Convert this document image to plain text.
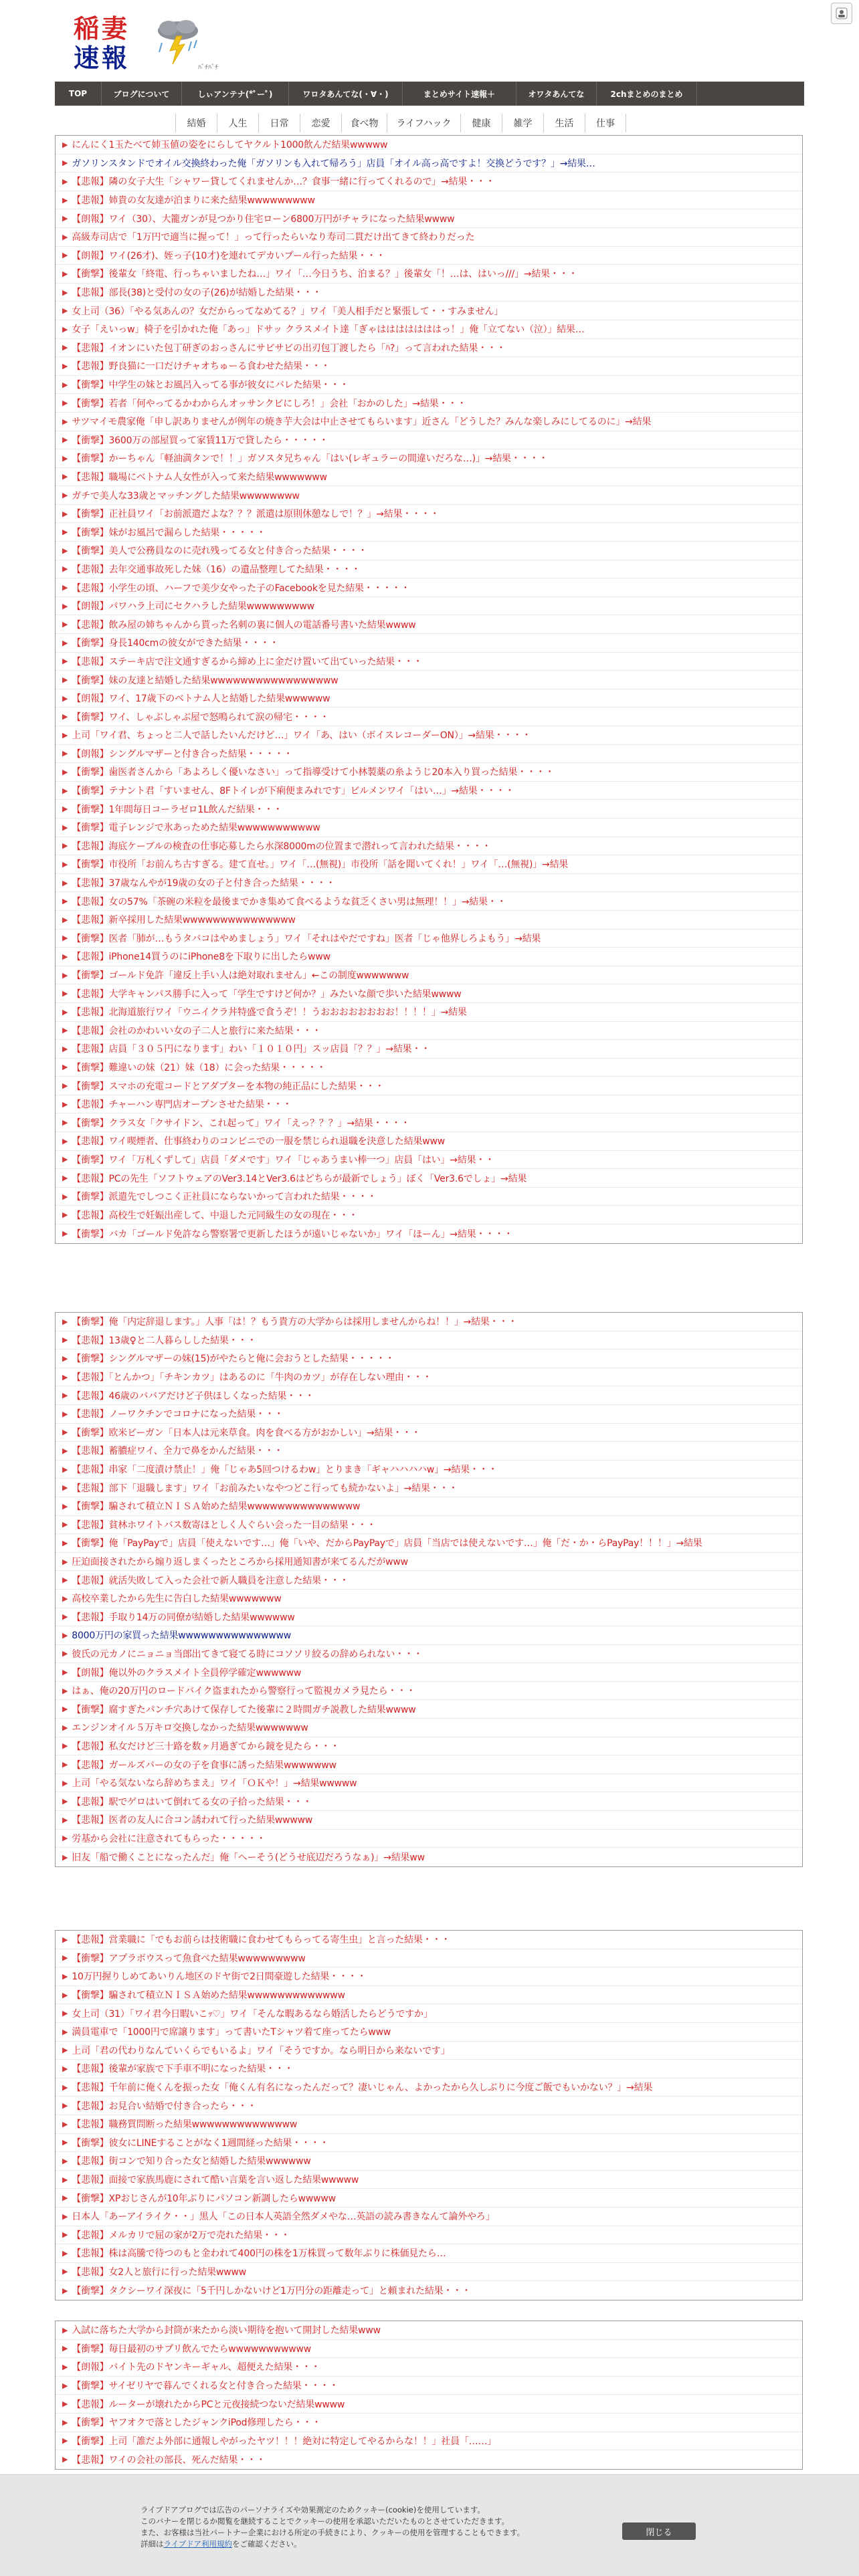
稲 妻
速 報	ﾊﾞﾁﾊﾞﾁ
TOP	ブログについて	しぃアンテナ(*ﾟーﾟ)	ワロタあんてな(・∀・)	まとめサイト速報＋	オワタあんてな	2chまとめのまとめ
結婚	人生	日常	恋愛	食べ物	ライフハック	健康	雑学	生活	仕事
▶ にんにく1玉たべて姉玉値の姿をにらしてヤクルト1000飲んだ結果wwwww
▶ ガソリンスタンドでオイル交換終わった俺「ガソリンも入れて帰ろう」店員「オイル高っ高ですよ！交換どうです？」→結果…
▶ 【悲報】隣の女子大生「シャワー貸してくれませんか…？食事一緒に行ってくれるので」→結果・・・
▶ 【悲報】姉貴の女友達が泊まりに来た結果wwwwwwwww
▶ 【朗報】ワイ（30）、大籠ガンが見つかり住宅ローン6800万円がチャラになった結果wwww
▶ 高級寿司店で「1万円で適当に握って！」って行ったらいなり寿司二貫だけ出てきて終わりだった
▶ 【朗報】ワイ(26才)、姪っ子(10才)を連れてデカいプール行った結果・・・
▶ 【衝撃】後輩女「終電、行っちゃいましたね…」ワイ「…今日うち、泊まる？」後輩女「！…は、はいっ///」→結果・・・
▶ 【悲報】部長(38)と受付の女の子(26)が結婚した結果・・・
▶ 女上司（36）「やる気あんの？女だからってなめてる？」ワイ「美人相手だと緊張して・・すみません」
▶ 女子「えいっw」椅子を引かれた俺「あっ」ドサッ クラスメイト達「ぎゃはははははははっ！」俺「立てない（泣）」結果…
▶ 【悲報】イオンにいた包丁研ぎのおっさんにサビサビの出刃包丁渡したら「ﾊ?」って言われた結果・・・
▶ 【悲報】野良猫に一口だけチャオちゅーる食わせた結果・・・
▶ 【衝撃】中学生の妹とお風呂入ってる事が彼女にバレた結果・・・
▶ 【衝撃】若者「何やってるかわからんオッサンクビにしろ！」会社「おかのした」→結果・・・
▶ サツマイモ農家俺「申し訳ありませんが例年の焼き芋大会は中止させてもらいます」近さん「どうした？みんな楽しみにしてるのに」→結果
▶ 【衝撃】3600万の部屋買って家賃11万で貸したら・・・・・
▶ 【衝撃】かーちゃん「軽油満タンで！！」ガソスタ兄ちゃん「はい(レギュラーの間違いだろな…)」→結果・・・・
▶ 【悲報】職場にベトナム人女性が入って来た結果wwwwwww
▶ ガチで美人な33歳とマッチングした結果wwwwwwww
▶ 【衝撃】正社員ワイ「お前派遣だよな？？？派遣は原則休憩なしで！？」→結果・・・・
▶ 【衝撃】妹がお風呂で漏らした結果・・・・・
▶ 【衝撃】美人で公務員なのに売れ残ってる女と付き合った結果・・・・
▶ 【悲報】去年交通事故死した妹（16）の遺品整理してた結果・・・・
▶ 【悲報】小学生の頃、ハーフで美少女やった子のFacebookを見た結果・・・・・
▶ 【朗報】パワハラ上司にセクハラした結果wwwwwwwww
▶ 【悲報】飲み屋の姉ちゃんから貰った名刺の裏に個人の電話番号書いた結果wwww
▶ 【衝撃】身長140cmの彼女ができた結果・・・・
▶ 【悲報】ステーキ店で注文通すぎるから締め上に金だけ置いて出ていった結果・・・
▶ 【衝撃】妹の友達と結婚した結果wwwwwwwwwwwwwwwww
▶ 【朗報】ワイ、17歳下のベトナム人と結婚した結果wwwwww
▶ 【衝撃】ワイ、しゃぶしゃぶ屋で怒鳴られて涙の帰宅・・・・
▶ 上司「ワイ君、ちょっと二人で話したいんだけど…」ワイ「あ、はい（ボイスレコーダーON）」→結果・・・・
▶ 【朗報】シングルマザーと付き合った結果・・・・・
▶ 【衝撃】歯医者さんから「あよろしく優いなさい」って指導受けて小林製薬の糸ようじ20本入り買った結果・・・・
▶ 【衝撃】テナント君「すいません、8Fトイレが下痢便まみれです」ビルメンワイ「はい…」→結果・・・・
▶ 【衝撃】1年間毎日コーラゼロ1L飲んだ結果・・・
▶ 【衝撃】電子レンジで氷あっためた結果wwwwwwwwwww
▶ 【悲報】海底ケーブルの検査の仕事応募したら水深8000mの位置まで潜れって言われた結果・・・・
▶ 【衝撃】市役所「お前んち古すぎる。建て直せ。」ワイ「…(無視)」市役所「話を聞いてくれ！」ワイ「…(無視)」→結果
▶ 【悲報】37歳なんやが19歳の女の子と付き合った結果・・・・
▶ 【悲報】女の57%「茶碗の米粒を最後までかき集めて食べるような貧乏くさい男は無理！！」→結果・・
▶ 【悲報】新卒採用した結果wwwwwwwwwwwwwww
▶ 【衝撃】医者「肺が…もうタバコはやめましょう」ワイ「それはやだですね」医者「じゃ他界しろよもう」→結果
▶ 【悲報】iPhone14買うのにiPhone8を下取りに出したらwww
▶ 【衝撃】ゴールド免許「違反上手い人は絶対取れません」←この制度wwwwwww
▶ 【悲報】大学キャンパス勝手に入って「学生ですけど何か？」みたいな顔で歩いた結果wwww
▶ 【悲報】北海道旅行ワイ「ウニイクラ丼特盛で食うぞ！！うおおおおおおおお！！！！」→結果
▶ 【悲報】会社のかわいい女の子二人と旅行に来た結果・・・
▶ 【悲報】店員「３０５円になります」わい「１０１０円」スッ店員「？？」→結果・・
▶ 【衝撃】難違いの妹（21）妹（18）に会った結果・・・・・
▶ 【衝撃】スマホの充電コードとアダプターを本物の純正品にした結果・・・
▶ 【悲報】チャーハン専門店オープンさせた結果・・・
▶ 【衝撃】クラス女「クサイドン、これ起って」ワイ「えっ？？？」→結果・・・・
▶ 【悲報】ワイ喫煙者、仕事終わりのコンビニでの一服を禁じられ退職を決意した結果www
▶ 【衝撃】ワイ「万札くずして」店員「ダメです」ワイ「じゃあうまい棒一つ」店員「はい」→結果・・
▶ 【悲報】PCの先生「ソフトウェアのVer3.14とVer3.6はどちらが最新でしょう」ぼく「Ver3.6でしょ」→結果
▶ 【衝撃】派遣先でしつこく正社員にならないかって言われた結果・・・・
▶ 【悲報】高校生で妊娠出産して、中退した元同級生の女の現在・・・
▶ 【衝撃】バカ「ゴールド免許なら警察署で更新したほうが遠いじゃないか」ワイ「ほーん」→結果・・・・
▶ 【衝撃】俺「内定辞退します。」人事「は！？もう貴方の大学からは採用しませんからね！！」→結果・・・
▶ 【悲報】13歳♀と二人暮らしした結果・・・
▶ 【衝撃】シングルマザーの妹(15)がやたらと俺に会おうとした結果・・・・・
▶ 【悲報】「とんかつ」「チキンカツ」はあるのに「牛肉のカツ」が存在しない理由・・・
▶ 【悲報】46歳のババアだけど子供ほしくなった結果・・・
▶ 【悲報】ノーワクチンでコロナになった結果・・・
▶ 【衝撃】欧米ビーガン「日本人は元来草食。肉を食べる方がおかしい」→結果・・・
▶ 【悲報】蓄膿症ワイ、全力で鼻をかんだ結果・・・
▶ 【悲報】串家「二度漬け禁止！」俺「じゃあ5回つけるわw」とりまき「ギャハハハハw」→結果・・・
▶ 【悲報】部下「退職します」ワイ「お前みたいなやつどこ行っても続かないよ」→結果・・・
▶ 【衝撃】騙されて積立ＮＩＳＡ始めた結果wwwwwwwwwwwwwww
▶ 【悲報】貧林ホワイトバス数寄ほとしく人ぐらい会った一目の結果・・・
▶ 【衝撃】俺「PayPayで」店員「使えないです…」俺「いや、だからPayPayで」店員「当店では使えないです…」俺「だ・か・らPayPay！！！」→結果
▶ 圧迫面接されたから煽り返しまくったところから採用通知書が来てるんだがwww
▶ 【悲報】就活失敗して入った会社で新人職員を注意した結果・・・
▶ 高校卒業したから先生に告白した結果wwwwwww
▶ 【悲報】手取り14万の同僚が結婚した結果wwwwww
▶ 8000万円の家買った結果wwwwwwwwwwwwwww
▶ 彼氏の元カノにニョニョ当郎出てきて寝てる時にコソソリ絞るの辞められない・・・
▶ 【朗報】俺以外のクラスメイト全員停学確定wwwwww
▶ はぁ、俺の20万円のロードバイク盗まれたから警察行って監視カメラ見たら・・・
▶ 【衝撃】腐すぎたパンチ穴あけて保存してた後輩に２時間ガチ説教した結果wwww
▶ エンジンオイル５万キロ交換しなかった結果wwwwwww
▶ 【悲報】私女だけど三十路を数ヶ月過ぎてから鏡を見たら・・・
▶ 【悲報】ガールズバーの女の子を食事に誘った結果wwwwwww
▶ 上司「やる気ないなら辞めちまえ」ワイ「ＯＫや！」→結果wwwww
▶ 【悲報】駅でゲロはいて倒れてる女の子拾った結果・・・
▶ 【悲報】医者の友人に合コン誘われて行った結果wwwww
▶ 労基から会社に注意されてもらった・・・・・
▶ 旧友「船で働くことになったんだ」俺「へーそう(どうせ底辺だろうなぁ)」→結果ww
▶ 【悲報】営業職に「でもお前らは技術職に食わせてもらってる寄生虫」と言った結果・・・
▶ 【衝撃】アプラボウスって魚食べた結果wwwwwwwww
▶ 10万円握りしめてあいりん地区のドヤ街で2日間豪遊した結果・・・・
▶ 【衝撃】騙されて積立ＮＩＳＡ始めた結果wwwwwwwwwwwww
▶ 女上司（31）「ワイ君今日暇いこｯ♡」ワイ「そんな暇あるなら婚活したらどうですか」
▶ 満員電車で「1000円で席譲ります」って書いたTシャツ着て座ってたらwww
▶ 上司「君の代わりなんていくらでもいるよ」ワイ「そうですか。なら明日から来ないです」
▶ 【悲報】後輩が家族で下手車不明になった結果・・・
▶ 【悲報】千年前に俺くんを振った女「俺くん有名になったんだって？凄いじゃん、よかったから久しぶりに今度ご飯でもいかない？」→結果
▶ 【悲報】お見合い結婚で付き合ったら・・・
▶ 【悲報】職務質問断った結果wwwwwwwwwwwwww
▶ 【衝撃】彼女にLINEすることがなく1週間経った結果・・・・
▶ 【悲報】街コンで知り合った女と結婚した結果wwwwww
▶ 【悲報】面接で家族馬鹿にされて酷い言葉を言い返した結果wwwww
▶ 【衝撃】XPおじさんが10年ぶりにパソコン新調したらwwwww
▶ 日本人「あーアイライク・・」黒人「この日本人英語全然ダメやな…英語の読み書きなんて論外やろ」
▶ 【悲報】メルカリで屈の家が2万で売れた結果・・・
▶ 【悲報】株は高騰で待つのもと金われて400円の株を1万株買って数年ぶりに株価見たら…
▶ 【悲報】女2人と旅行に行った結果wwww
▶ 【衝撃】タクシーワイ深夜に「5千円しかないけど1万円分の距離走って」と頼まれた結果・・・
▶ 入試に落ちた大学から封筒が来たから淡い期待を抱いて開封した結果www
▶ 【衝撃】毎日最初のサプリ飲んでたらwwwwwwwwwww
▶ 【朗報】バイト先のドヤンキーギャル、超便えた結果・・・
▶ 【衝撃】サイゼリヤで暮んでくれる女と付き合った結果・・・・
▶ 【悲報】ルーターが壊れたからPCと元夜接続つないだ結果wwww
▶ 【衝撃】ヤフオクで落としたジャンクiPod修理したら・・・
▶ 【衝撃】上司「誰だよ外部に通報しやがったヤツ！！！絶対に特定してやるからな！！」社員「……」
▶ 【悲報】ワイの会社の部長、死んだ結果・・・
ライブドアブログでは広告のパーソナライズや効果測定のためクッキー(cookie)を使用しています。
このバナーを閉じるか閲覧を継続することでクッキーの使用を承認いただいたものとさせていただきます。
また、お客様は当社パートナー企業における所定の手続きにより、クッキーの使用を管理することもできます。
詳細はライブドア利用規約をご確認ください。
閉じる
